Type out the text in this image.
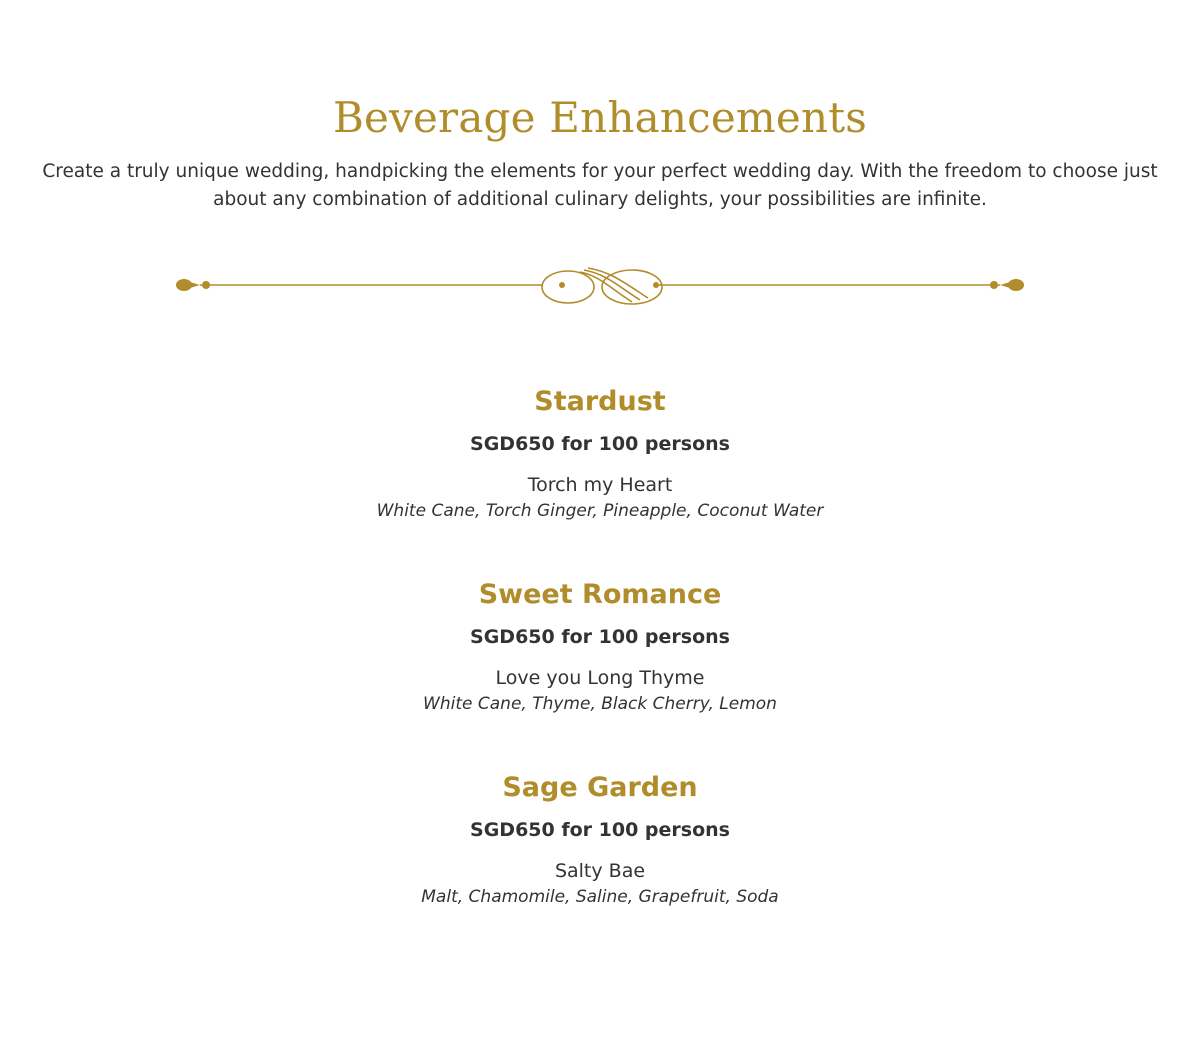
Beverage Enhancements
Create a truly unique wedding, handpicking the elements for your perfect wedding day. With the freedom to choose just about any combination of additional culinary delights, your possibilities are infinite.
Stardust
SGD650 for 100 persons
Torch my Heart
White Cane, Torch Ginger, Pineapple, Coconut Water
Sweet Romance
SGD650 for 100 persons
Love you Long Thyme
White Cane, Thyme, Black Cherry, Lemon
Sage Garden
SGD650 for 100 persons
Salty Bae
Malt, Chamomile, Saline, Grapefruit, Soda
